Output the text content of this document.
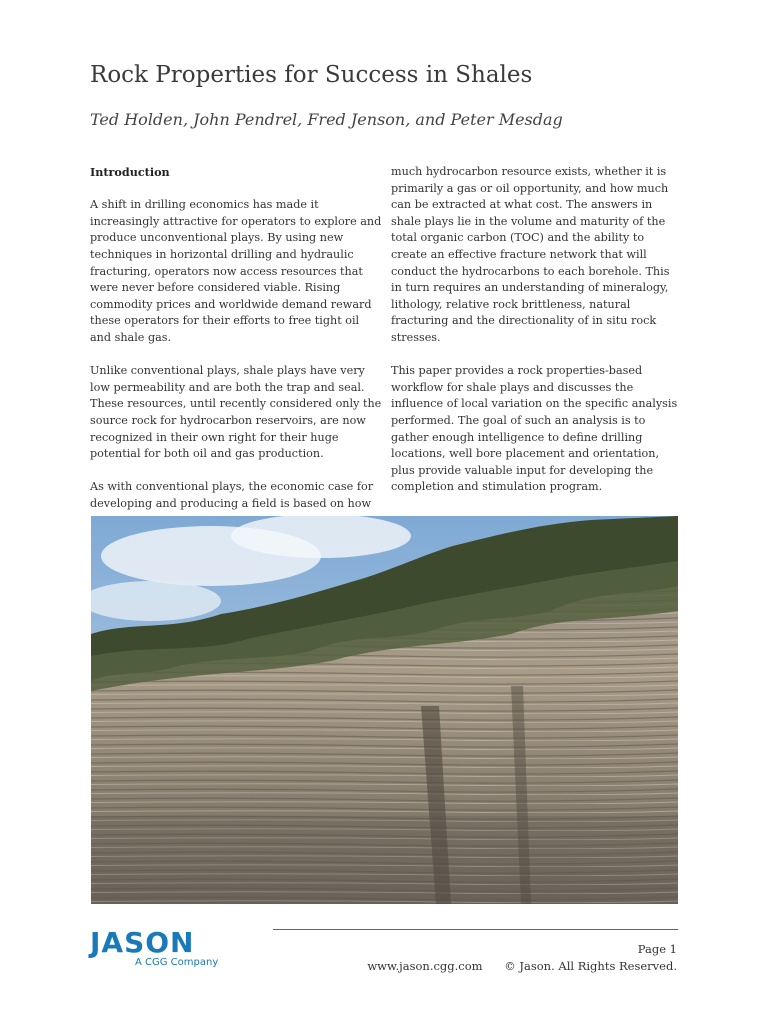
Rock Properties for Success in Shales
Ted Holden, John Pendrel, Fred Jenson, and Peter Mesdag

Introduction

A shift in drilling economics has made it increasingly attractive for operators to explore and produce unconventional plays. By using new techniques in horizontal drilling and hydraulic fracturing, operators now access resources that were never before considered viable. Rising commodity prices and worldwide demand reward these operators for their efforts to free tight oil and shale gas.

Unlike conventional plays, shale plays have very low permeability and are both the trap and seal. These resources, until recently considered only the source rock for hydrocarbon reservoirs, are now recognized in their own right for their huge potential for both oil and gas production.

As with conventional plays, the economic case for developing and producing a field is based on how

much hydrocarbon resource exists, whether it is primarily a gas or oil opportunity, and how much can be extracted at what cost. The answers in shale plays lie in the volume and maturity of the total organic carbon (TOC) and the ability to create an effective fracture network that will conduct the hydrocarbons to each borehole. This in turn requires an understanding of mineralogy, lithology, relative rock brittleness, natural fracturing and the directionality of in situ rock stresses.

This paper provides a rock properties-based workflow for shale plays and discusses the influence of local variation on the specific analysis performed. The goal of such an analysis is to gather enough intelligence to define drilling locations, well bore placement and orientation, plus provide valuable input for developing the completion and stimulation program.

JASON
A CGG Company
Page 1
www.jason.cgg.com © Jason. All Rights Reserved.
